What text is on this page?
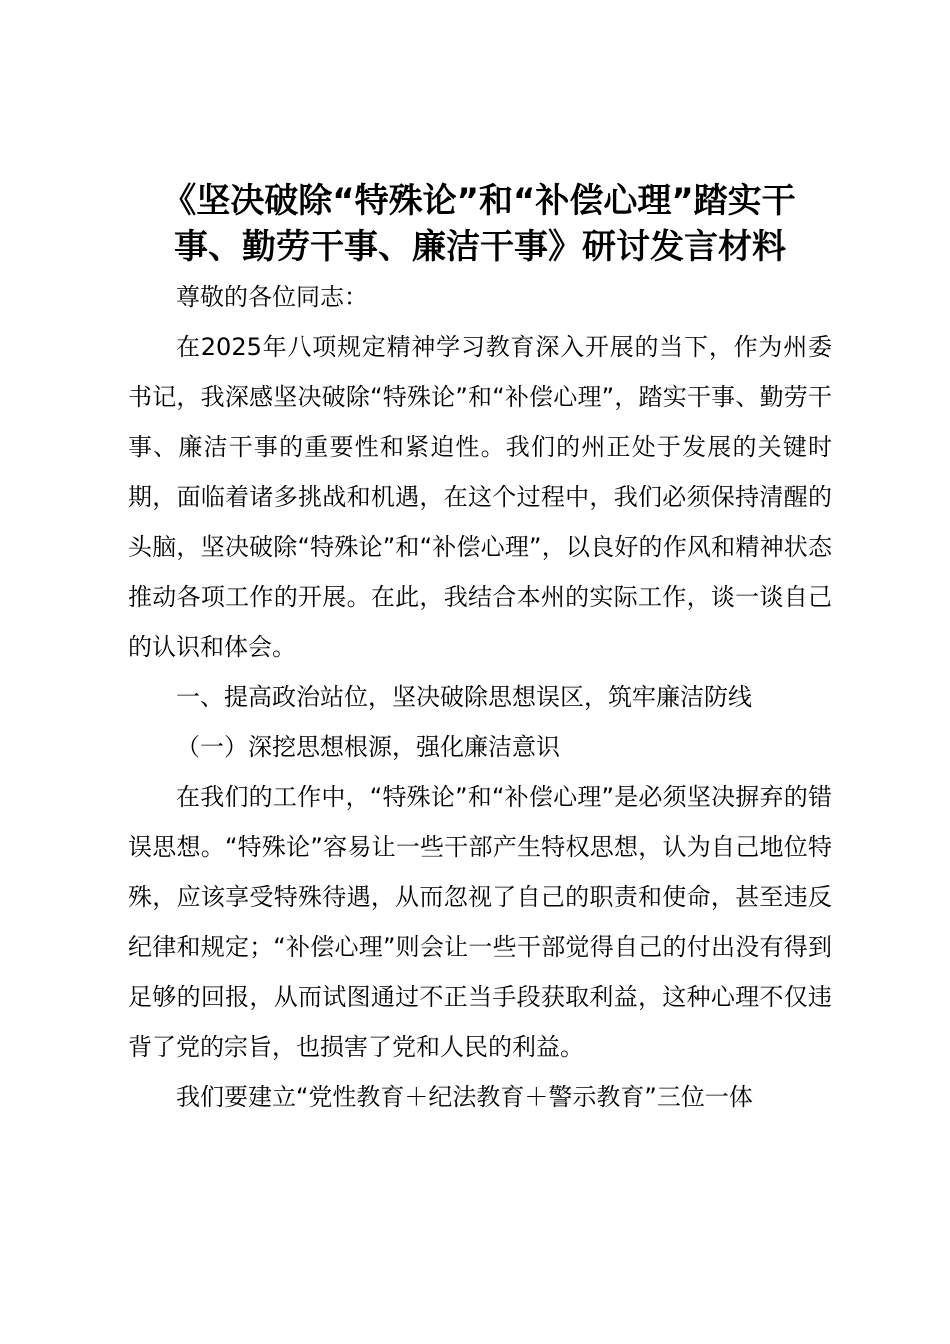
《坚决破除“特殊论”和“补偿心理”踏实干
事、勤劳干事、廉洁干事》研讨发言材料

尊敬的各位同志：

在2025年八项规定精神学习教育深入开展的当下，作为州委书记，我深感坚决破除“特殊论”和“补偿心理”，踏实干事、勤劳干事、廉洁干事的重要性和紧迫性。我们的州正处于发展的关键时期，面临着诸多挑战和机遇，在这个过程中，我们必须保持清醒的头脑，坚决破除“特殊论”和“补偿心理”，以良好的作风和精神状态推动各项工作的开展。在此，我结合本州的实际工作，谈一谈自己的认识和体会。

一、提高政治站位，坚决破除思想误区，筑牢廉洁防线

（一）深挖思想根源，强化廉洁意识

在我们的工作中，“特殊论”和“补偿心理”是必须坚决摒弃的错误思想。“特殊论”容易让一些干部产生特权思想，认为自己地位特殊，应该享受特殊待遇，从而忽视了自己的职责和使命，甚至违反纪律和规定；“补偿心理”则会让一些干部觉得自己的付出没有得到足够的回报，从而试图通过不正当手段获取利益，这种心理不仅违背了党的宗旨，也损害了党和人民的利益。

我们要建立“党性教育＋纪法教育＋警示教育”三位一体
